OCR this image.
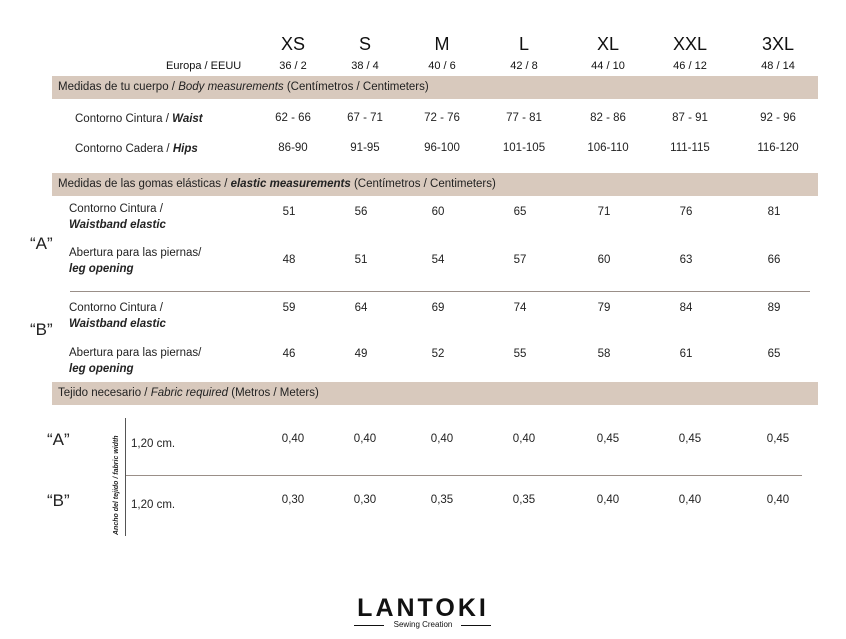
XS	S	M	L	XL	XXL	3XL
Europa / EEUU	36 / 2	38 / 4	40 / 6	42 / 8	44 / 10	46 / 12	48 / 14
Medidas de tu cuerpo / Body measurements (Centímetros / Centimeters)
Contorno Cintura / Waist	62 - 66	67 - 71	72 - 76	77 - 81	82 - 86	87 - 91	92 - 96
Contorno Cadera / Hips	86-90	91-95	96-100	101-105	106-110	111-115	116-120
Medidas de las gomas elásticas / elastic measurements (Centímetros / Centimeters)
“A”
Contorno Cintura /
Waistband elastic
51	56	60	65	71	76	81
Abertura para las piernas/
leg opening
48	51	54	57	60	63	66
“B”
Contorno Cintura /
Waistband elastic
59	64	69	74	79	84	89
Abertura para las piernas/
leg opening
46	49	52	55	58	61	65
Tejido necesario / Fabric required (Metros / Meters)
Ancho del tejido / fabric width
“A”	1,20 cm.	0,40	0,40	0,40	0,40	0,45	0,45	0,45
“B”	1,20 cm.	0,30	0,30	0,35	0,35	0,40	0,40	0,40
LANTOKI
Sewing Creation
